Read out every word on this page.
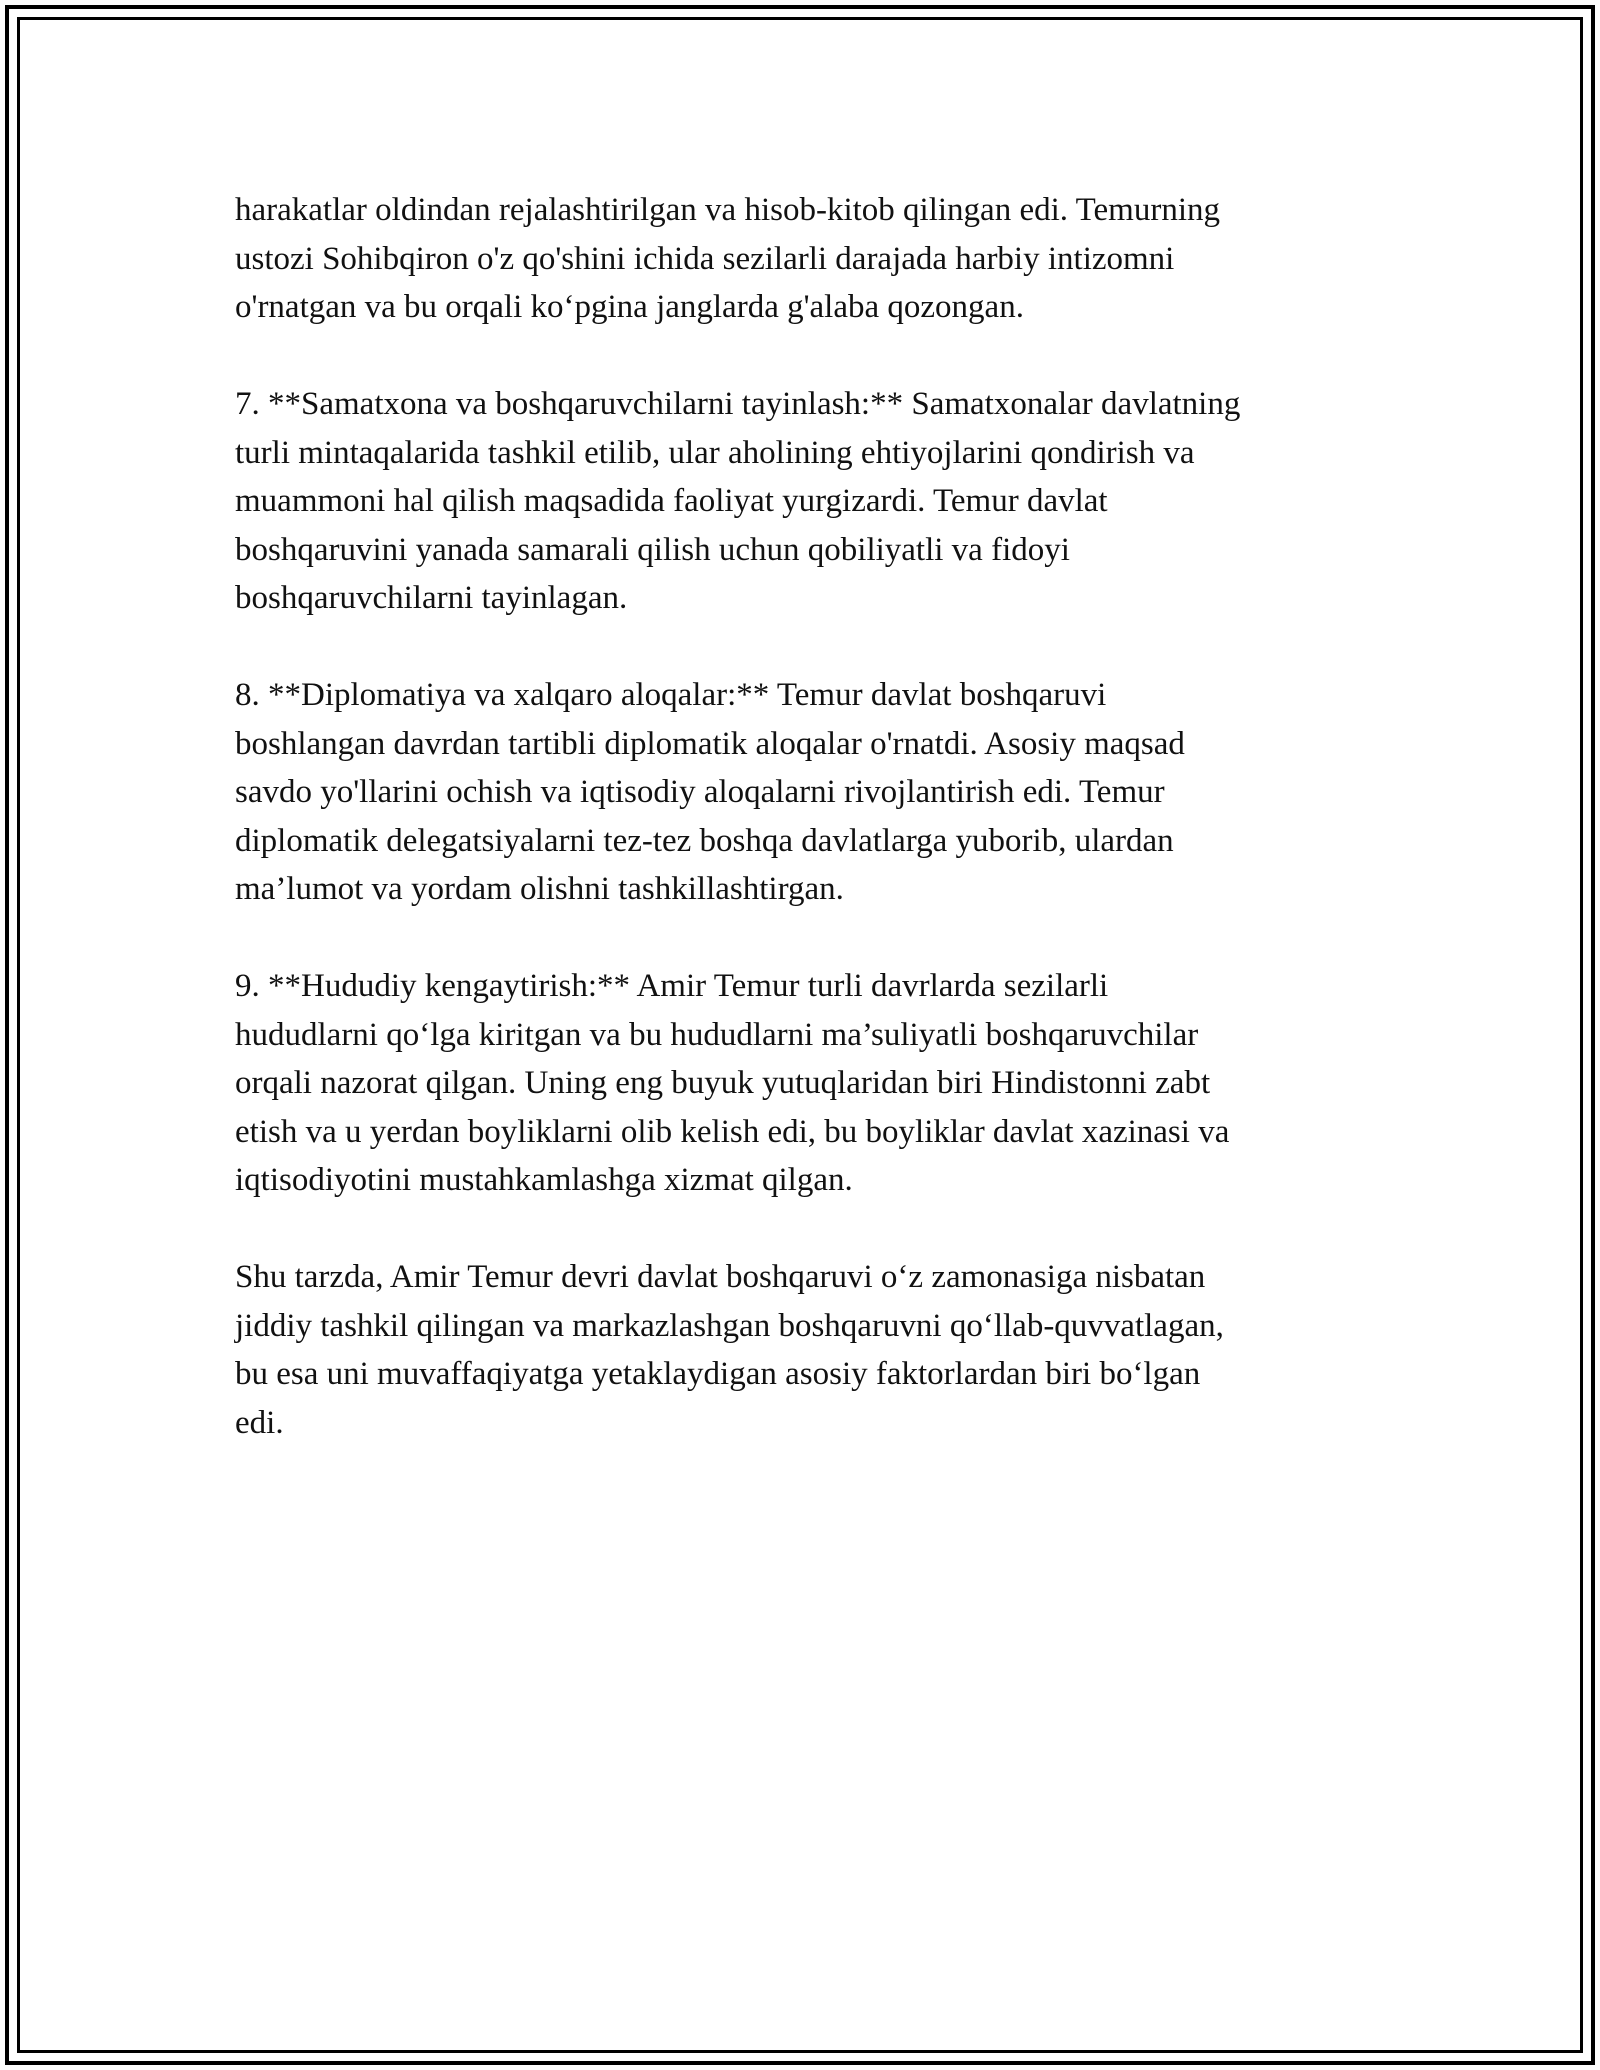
harakatlar oldindan rejalashtirilgan va hisob-kitob qilingan edi. Temurning
ustozi Sohibqiron o'z qo'shini ichida sezilarli darajada harbiy intizomni
o'rnatgan va bu orqali ko‘pgina janglarda g'alaba qozongan.

7. **Samatxona va boshqaruvchilarni tayinlash:** Samatxonalar davlatning
turli mintaqalarida tashkil etilib, ular aholining ehtiyojlarini qondirish va
muammoni hal qilish maqsadida faoliyat yurgizardi. Temur davlat
boshqaruvini yanada samarali qilish uchun qobiliyatli va fidoyi
boshqaruvchilarni tayinlagan.

8. **Diplomatiya va xalqaro aloqalar:** Temur davlat boshqaruvi
boshlangan davrdan tartibli diplomatik aloqalar o'rnatdi. Asosiy maqsad
savdo yo'llarini ochish va iqtisodiy aloqalarni rivojlantirish edi. Temur
diplomatik delegatsiyalarni tez-tez boshqa davlatlarga yuborib, ulardan
ma’lumot va yordam olishni tashkillashtirgan.

9. **Hududiy kengaytirish:** Amir Temur turli davrlarda sezilarli
hududlarni qo‘lga kiritgan va bu hududlarni ma’suliyatli boshqaruvchilar
orqali nazorat qilgan. Uning eng buyuk yutuqlaridan biri Hindistonni zabt
etish va u yerdan boyliklarni olib kelish edi, bu boyliklar davlat xazinasi va
iqtisodiyotini mustahkamlashga xizmat qilgan.

Shu tarzda, Amir Temur devri davlat boshqaruvi o‘z zamonasiga nisbatan
jiddiy tashkil qilingan va markazlashgan boshqaruvni qo‘llab-quvvatlagan,
bu esa uni muvaffaqiyatga yetaklaydigan asosiy faktorlardan biri bo‘lgan
edi.
